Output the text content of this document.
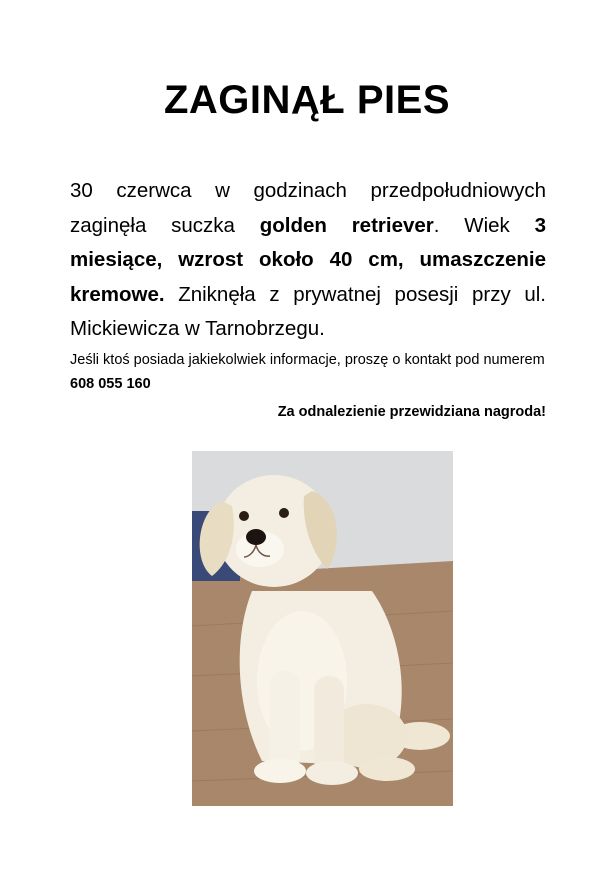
ZAGINĄŁ PIES

30 czerwca w godzinach przedpołudniowych zaginęła suczka golden retriever. Wiek 3 miesiące, wzrost około 40 cm, umaszczenie kremowe. Zniknęła z prywatnej posesji przy ul. Mickiewicza w Tarnobrzegu.

Jeśli ktoś posiada jakiekolwiek informacje, proszę o kontakt pod numerem 608 055 160

Za odnalezienie przewidziana nagroda!
